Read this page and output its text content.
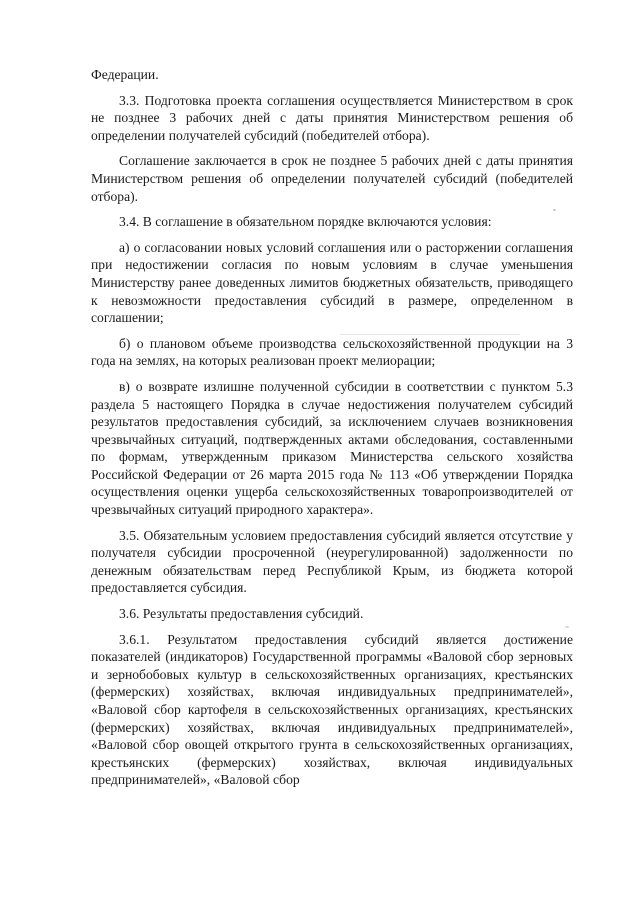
Федерации.

3.3. Подготовка проекта соглашения осуществляется Министерством в срок не позднее 3 рабочих дней с даты принятия Министерством решения об определении получателей субсидий (победителей отбора).

Соглашение заключается в срок не позднее 5 рабочих дней с даты принятия Министерством решения об определении получателей субсидий (победителей отбора).

3.4. В соглашение в обязательном порядке включаются условия:

а) о согласовании новых условий соглашения или о расторжении соглашения при недостижении согласия по новым условиям в случае уменьшения Министерству ранее доведенных лимитов бюджетных обязательств, приводящего к невозможности предоставления субсидий в размере, определенном в соглашении;

б) о плановом объеме производства сельскохозяйственной продукции на 3 года на землях, на которых реализован проект мелиорации;

в) о возврате излишне полученной субсидии в соответствии с пунктом 5.3 раздела 5 настоящего Порядка в случае недостижения получателем субсидий результатов предоставления субсидий, за исключением случаев возникновения чрезвычайных ситуаций, подтвержденных актами обследования, составленными по формам, утвержденным приказом Министерства сельского хозяйства Российской Федерации от 26 марта 2015 года № 113 «Об утверждении Порядка осуществления оценки ущерба сельскохозяйственных товаропроизводителей от чрезвычайных ситуаций природного характера».

3.5. Обязательным условием предоставления субсидий является отсутствие у получателя субсидии просроченной (неурегулированной) задолженности по денежным обязательствам перед Республикой Крым, из бюджета которой предоставляется субсидия.

3.6. Результаты предоставления субсидий.

3.6.1. Результатом предоставления субсидий является достижение показателей (индикаторов) Государственной программы «Валовой сбор зерновых и зернобобовых культур в сельскохозяйственных организациях, крестьянских (фермерских) хозяйствах, включая индивидуальных предпринимателей», «Валовой сбор картофеля в сельскохозяйственных организациях, крестьянских (фермерских) хозяйствах, включая индивидуальных предпринимателей», «Валовой сбор овощей открытого грунта в сельскохозяйственных организациях, крестьянских (фермерских) хозяйствах, включая индивидуальных предпринимателей», «Валовой сбор
